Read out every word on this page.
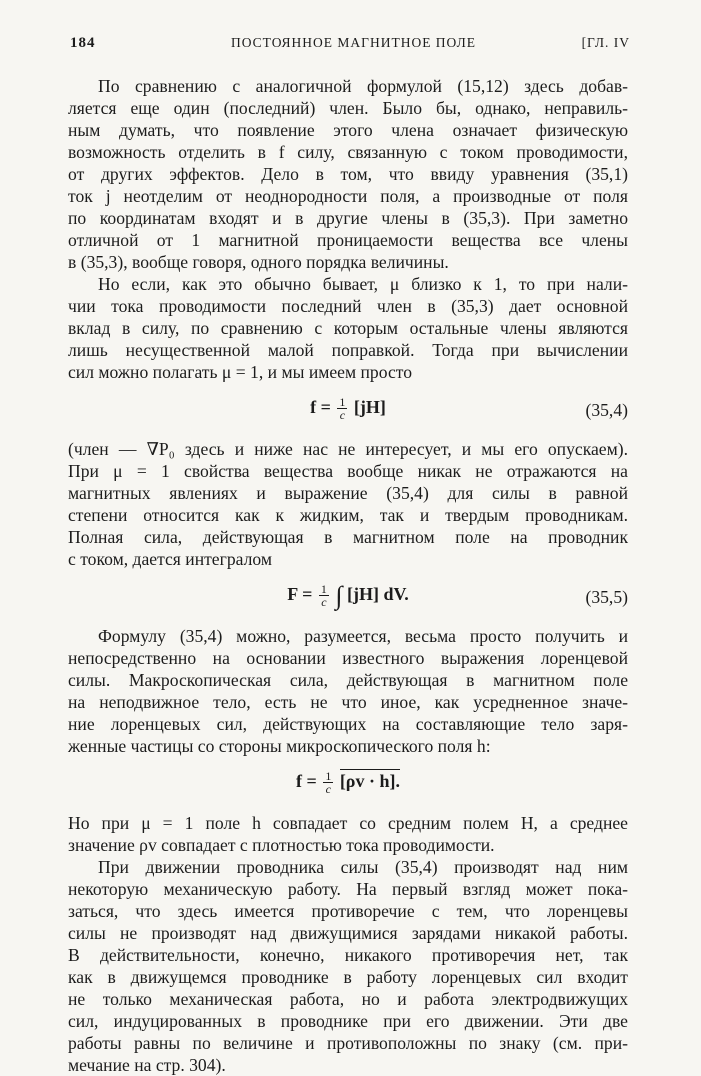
184	ПОСТОЯННОЕ МАГНИТНОЕ ПОЛЕ	[ГЛ. IV
По сравнению с аналогичной формулой (15,12) здесь добав-
ляется еще один (последний) член. Было бы, однако, неправиль-
ным думать, что появление этого члена означает физическую
возможность отделить в f силу, связанную с током проводимости,
от других эффектов. Дело в том, что ввиду уравнения (35,1)
ток j неотделим от неоднородности поля, а производные от поля
по координатам входят и в другие члены в (35,3). При заметно
отличной от 1 магнитной проницаемости вещества все члены
в (35,3), вообще говоря, одного порядка величины.
Но если, как это обычно бывает, μ близко к 1, то при нали-
чии тока проводимости последний член в (35,3) дает основной
вклад в силу, по сравнению с которым остальные члены являются
лишь несущественной малой поправкой. Тогда при вычислении
сил можно полагать μ = 1, и мы имеем просто
$f = \frac{1}{c} [jH]$	(35,4)
(член — ∇P₀ здесь и ниже нас не интересует, и мы его опускаем).
При μ = 1 свойства вещества вообще никак не отражаются на
магнитных явлениях и выражение (35,4) для силы в равной
степени относится как к жидким, так и твердым проводникам.
Полная сила, действующая в магнитном поле на проводник
с током, дается интегралом
$F = \frac{1}{c}$ ∫ [jH] dV.	(35,5)
Формулу (35,4) можно, разумеется, весьма просто получить и
непосредственно на основании известного выражения лоренцевой
силы. Макроскопическая сила, действующая в магнитном поле
на неподвижное тело, есть не что иное, как усредненное значе-
ние лоренцевых сил, действующих на составляющие тело заря-
женные частицы со стороны микроскопического поля h:
$f = \frac{1}{c} [\rho v \cdot h]$.
Но при μ = 1 поле h совпадает со средним полем H, а среднее
значение ρv совпадает с плотностью тока проводимости.
При движении проводника силы (35,4) производят над ним
некоторую механическую работу. На первый взгляд может пока-
заться, что здесь имеется противоречие с тем, что лоренцевы
силы не производят над движущимися зарядами никакой работы.
В действительности, конечно, никакого противоречия нет, так
как в движущемся проводнике в работу лоренцевых сил входит
не только механическая работа, но и работа электродвижущих
сил, индуцированных в проводнике при его движении. Эти две
работы равны по величине и противоположны по знаку (см. при-
мечание на стр. 304).
